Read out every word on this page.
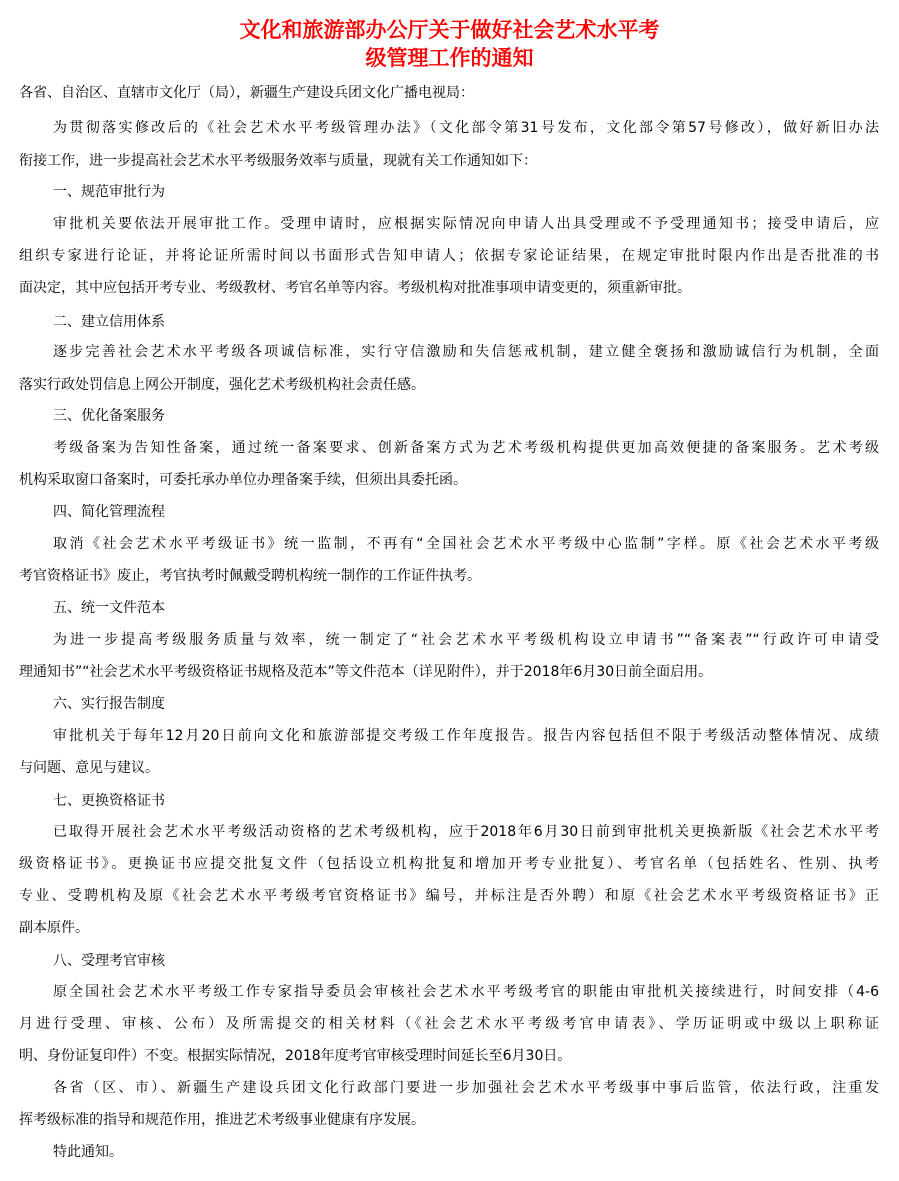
文化和旅游部办公厅关于做好社会艺术水平考
级管理工作的通知
各省、自治区、直辖市文化厅（局），新疆生产建设兵团文化广播电视局：
为贯彻落实修改后的《社会艺术水平考级管理办法》（文化部令第31号发布，文化部令第57号修改），做好新旧办法
衔接工作，进一步提高社会艺术水平考级服务效率与质量，现就有关工作通知如下：
一、规范审批行为
审批机关要依法开展审批工作。受理申请时，应根据实际情况向申请人出具受理或不予受理通知书；接受申请后，应
组织专家进行论证，并将论证所需时间以书面形式告知申请人；依据专家论证结果，在规定审批时限内作出是否批准的书
面决定，其中应包括开考专业、考级教材、考官名单等内容。考级机构对批准事项申请变更的，须重新审批。
二、建立信用体系
逐步完善社会艺术水平考级各项诚信标准，实行守信激励和失信惩戒机制，建立健全褒扬和激励诚信行为机制，全面
落实行政处罚信息上网公开制度，强化艺术考级机构社会责任感。
三、优化备案服务
考级备案为告知性备案，通过统一备案要求、创新备案方式为艺术考级机构提供更加高效便捷的备案服务。艺术考级
机构采取窗口备案时，可委托承办单位办理备案手续，但须出具委托函。
四、简化管理流程
取消《社会艺术水平考级证书》统一监制，不再有“全国社会艺术水平考级中心监制”字样。原《社会艺术水平考级
考官资格证书》废止，考官执考时佩戴受聘机构统一制作的工作证件执考。
五、统一文件范本
为进一步提高考级服务质量与效率，统一制定了“社会艺术水平考级机构设立申请书”“备案表”“行政许可申请受
理通知书”“社会艺术水平考级资格证书规格及范本”等文件范本（详见附件），并于2018年6月30日前全面启用。
六、实行报告制度
审批机关于每年12月20日前向文化和旅游部提交考级工作年度报告。报告内容包括但不限于考级活动整体情况、成绩
与问题、意见与建议。
七、更换资格证书
已取得开展社会艺术水平考级活动资格的艺术考级机构，应于2018年6月30日前到审批机关更换新版《社会艺术水平考
级资格证书》。更换证书应提交批复文件（包括设立机构批复和增加开考专业批复）、考官名单（包括姓名、性别、执考
专业、受聘机构及原《社会艺术水平考级考官资格证书》编号，并标注是否外聘）和原《社会艺术水平考级资格证书》正
副本原件。
八、受理考官审核
原全国社会艺术水平考级工作专家指导委员会审核社会艺术水平考级考官的职能由审批机关接续进行，时间安排（4-6
月进行受理、审核、公布）及所需提交的相关材料（《社会艺术水平考级考官申请表》、学历证明或中级以上职称证
明、身份证复印件）不变。根据实际情况，2018年度考官审核受理时间延长至6月30日。
各省（区、市）、新疆生产建设兵团文化行政部门要进一步加强社会艺术水平考级事中事后监管，依法行政，注重发
挥考级标准的指导和规范作用，推进艺术考级事业健康有序发展。
特此通知。
